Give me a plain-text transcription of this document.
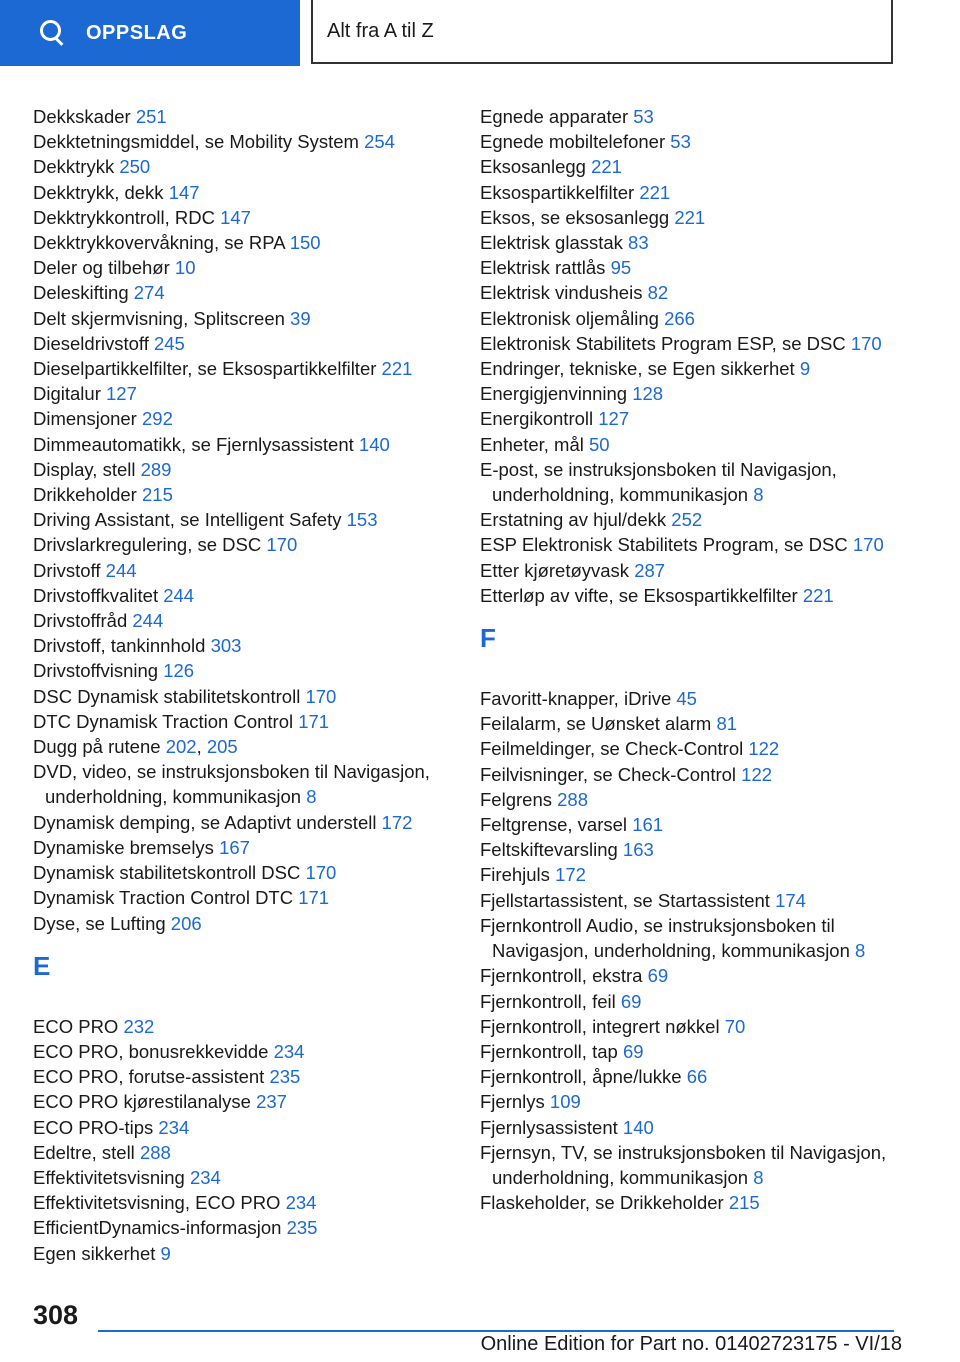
OPPSLAG	Alt fra A til Z
Dekkskader 251
Dekktetningsmiddel, se Mobility System 254
Dekktrykk 250
Dekktrykk, dekk 147
Dekktrykkontroll, RDC 147
Dekktrykkovervåkning, se RPA 150
Deler og tilbehør 10
Deleskifting 274
Delt skjermvisning, Splitscreen 39
Dieseldrivstoff 245
Dieselpartikkelfilter, se Eksospartikkelfilter 221
Digitalur 127
Dimensjoner 292
Dimmeautomatikk, se Fjernlysassistent 140
Display, stell 289
Drikkeholder 215
Driving Assistant, se Intelligent Safety 153
Drivslarkregulering, se DSC 170
Drivstoff 244
Drivstoffkvalitet 244
Drivstoffråd 244
Drivstoff, tankinnhold 303
Drivstoffvisning 126
DSC Dynamisk stabilitetskontroll 170
DTC Dynamisk Traction Control 171
Dugg på rutene 202, 205
DVD, video, se instruksjonsboken til Navigasjon, underholdning, kommunikasjon 8
Dynamisk demping, se Adaptivt understell 172
Dynamiske bremselys 167
Dynamisk stabilitetskontroll DSC 170
Dynamisk Traction Control DTC 171
Dyse, se Lufting 206
E
ECO PRO 232
ECO PRO, bonusrekkevidde 234
ECO PRO, forutse-assistent 235
ECO PRO kjørestilanalyse 237
ECO PRO-tips 234
Edeltre, stell 288
Effektivitetsvisning 234
Effektivitetsvisning, ECO PRO 234
EfficientDynamics-informasjon 235
Egen sikkerhet 9
Egnede apparater 53
Egnede mobiltelefoner 53
Eksosanlegg 221
Eksospartikkelfilter 221
Eksos, se eksosanlegg 221
Elektrisk glasstak 83
Elektrisk rattlås 95
Elektrisk vindusheis 82
Elektronisk oljemåling 266
Elektronisk Stabilitets Program ESP, se DSC 170
Endringer, tekniske, se Egen sikkerhet 9
Energigjenvinning 128
Energikontroll 127
Enheter, mål 50
E-post, se instruksjonsboken til Navigasjon, underholdning, kommunikasjon 8
Erstatning av hjul/dekk 252
ESP Elektronisk Stabilitets Program, se DSC 170
Etter kjøretøyvask 287
Etterløp av vifte, se Eksospartikkelfilter 221
F
Favoritt-knapper, iDrive 45
Feilalarm, se Uønsket alarm 81
Feilmeldinger, se Check-Control 122
Feilvisninger, se Check-Control 122
Felgrens 288
Feltgrense, varsel 161
Feltskiftevarsling 163
Firehjuls 172
Fjellstartassistent, se Startassistent 174
Fjernkontroll Audio, se instruksjonsboken til Navigasjon, underholdning, kommunikasjon 8
Fjernkontroll, ekstra 69
Fjernkontroll, feil 69
Fjernkontroll, integrert nøkkel 70
Fjernkontroll, tap 69
Fjernkontroll, åpne/lukke 66
Fjernlys 109
Fjernlysassistent 140
Fjernsyn, TV, se instruksjonsboken til Navigasjon, underholdning, kommunikasjon 8
Flaskeholder, se Drikkeholder 215
308
Online Edition for Part no. 01402723175 - VI/18
